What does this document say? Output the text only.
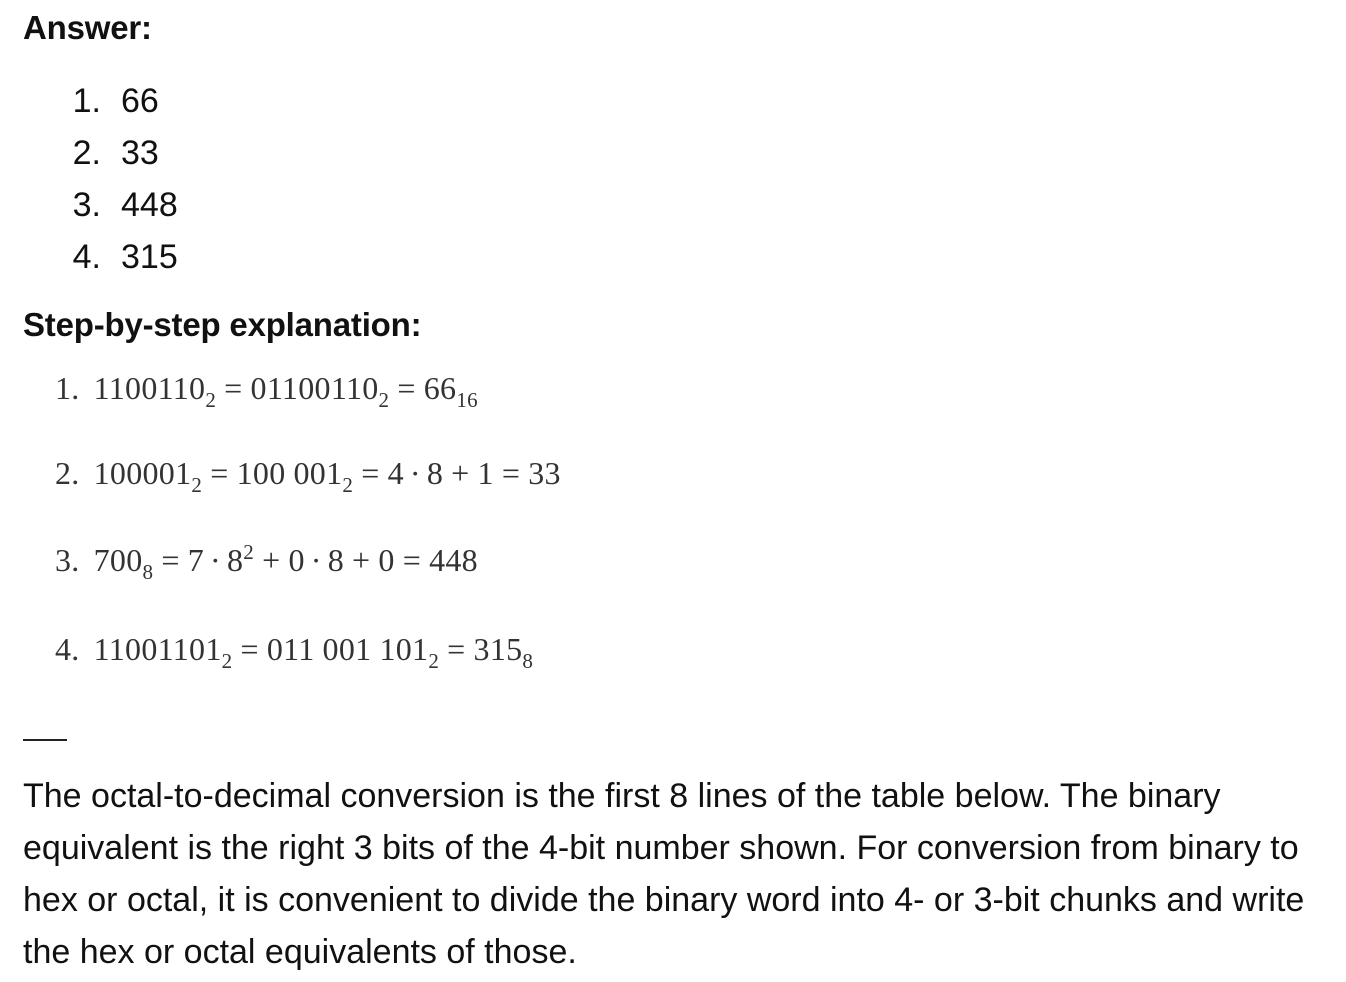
Answer:
1. 66
2. 33
3. 448
4. 315
Step-by-step explanation:
1. $1100110_2 = 01100110_2 = 66_{16}$
2. $100001_2 = 100$ $001_2 = 4 \cdot 8 + 1 = 33$
3. $700_8 = 7 \cdot 8^2 + 0 \cdot 8 + 0 = 448$
4. $11001101_2 = 011$ 001 $101_2 = 315_8$

The octal-to-decimal conversion is the first 8 lines of the table below. The binary equivalent is the right 3 bits of the 4-bit number shown. For conversion from binary to hex or octal, it is convenient to divide the binary word into 4- or 3-bit chunks and write the hex or octal equivalents of those.
